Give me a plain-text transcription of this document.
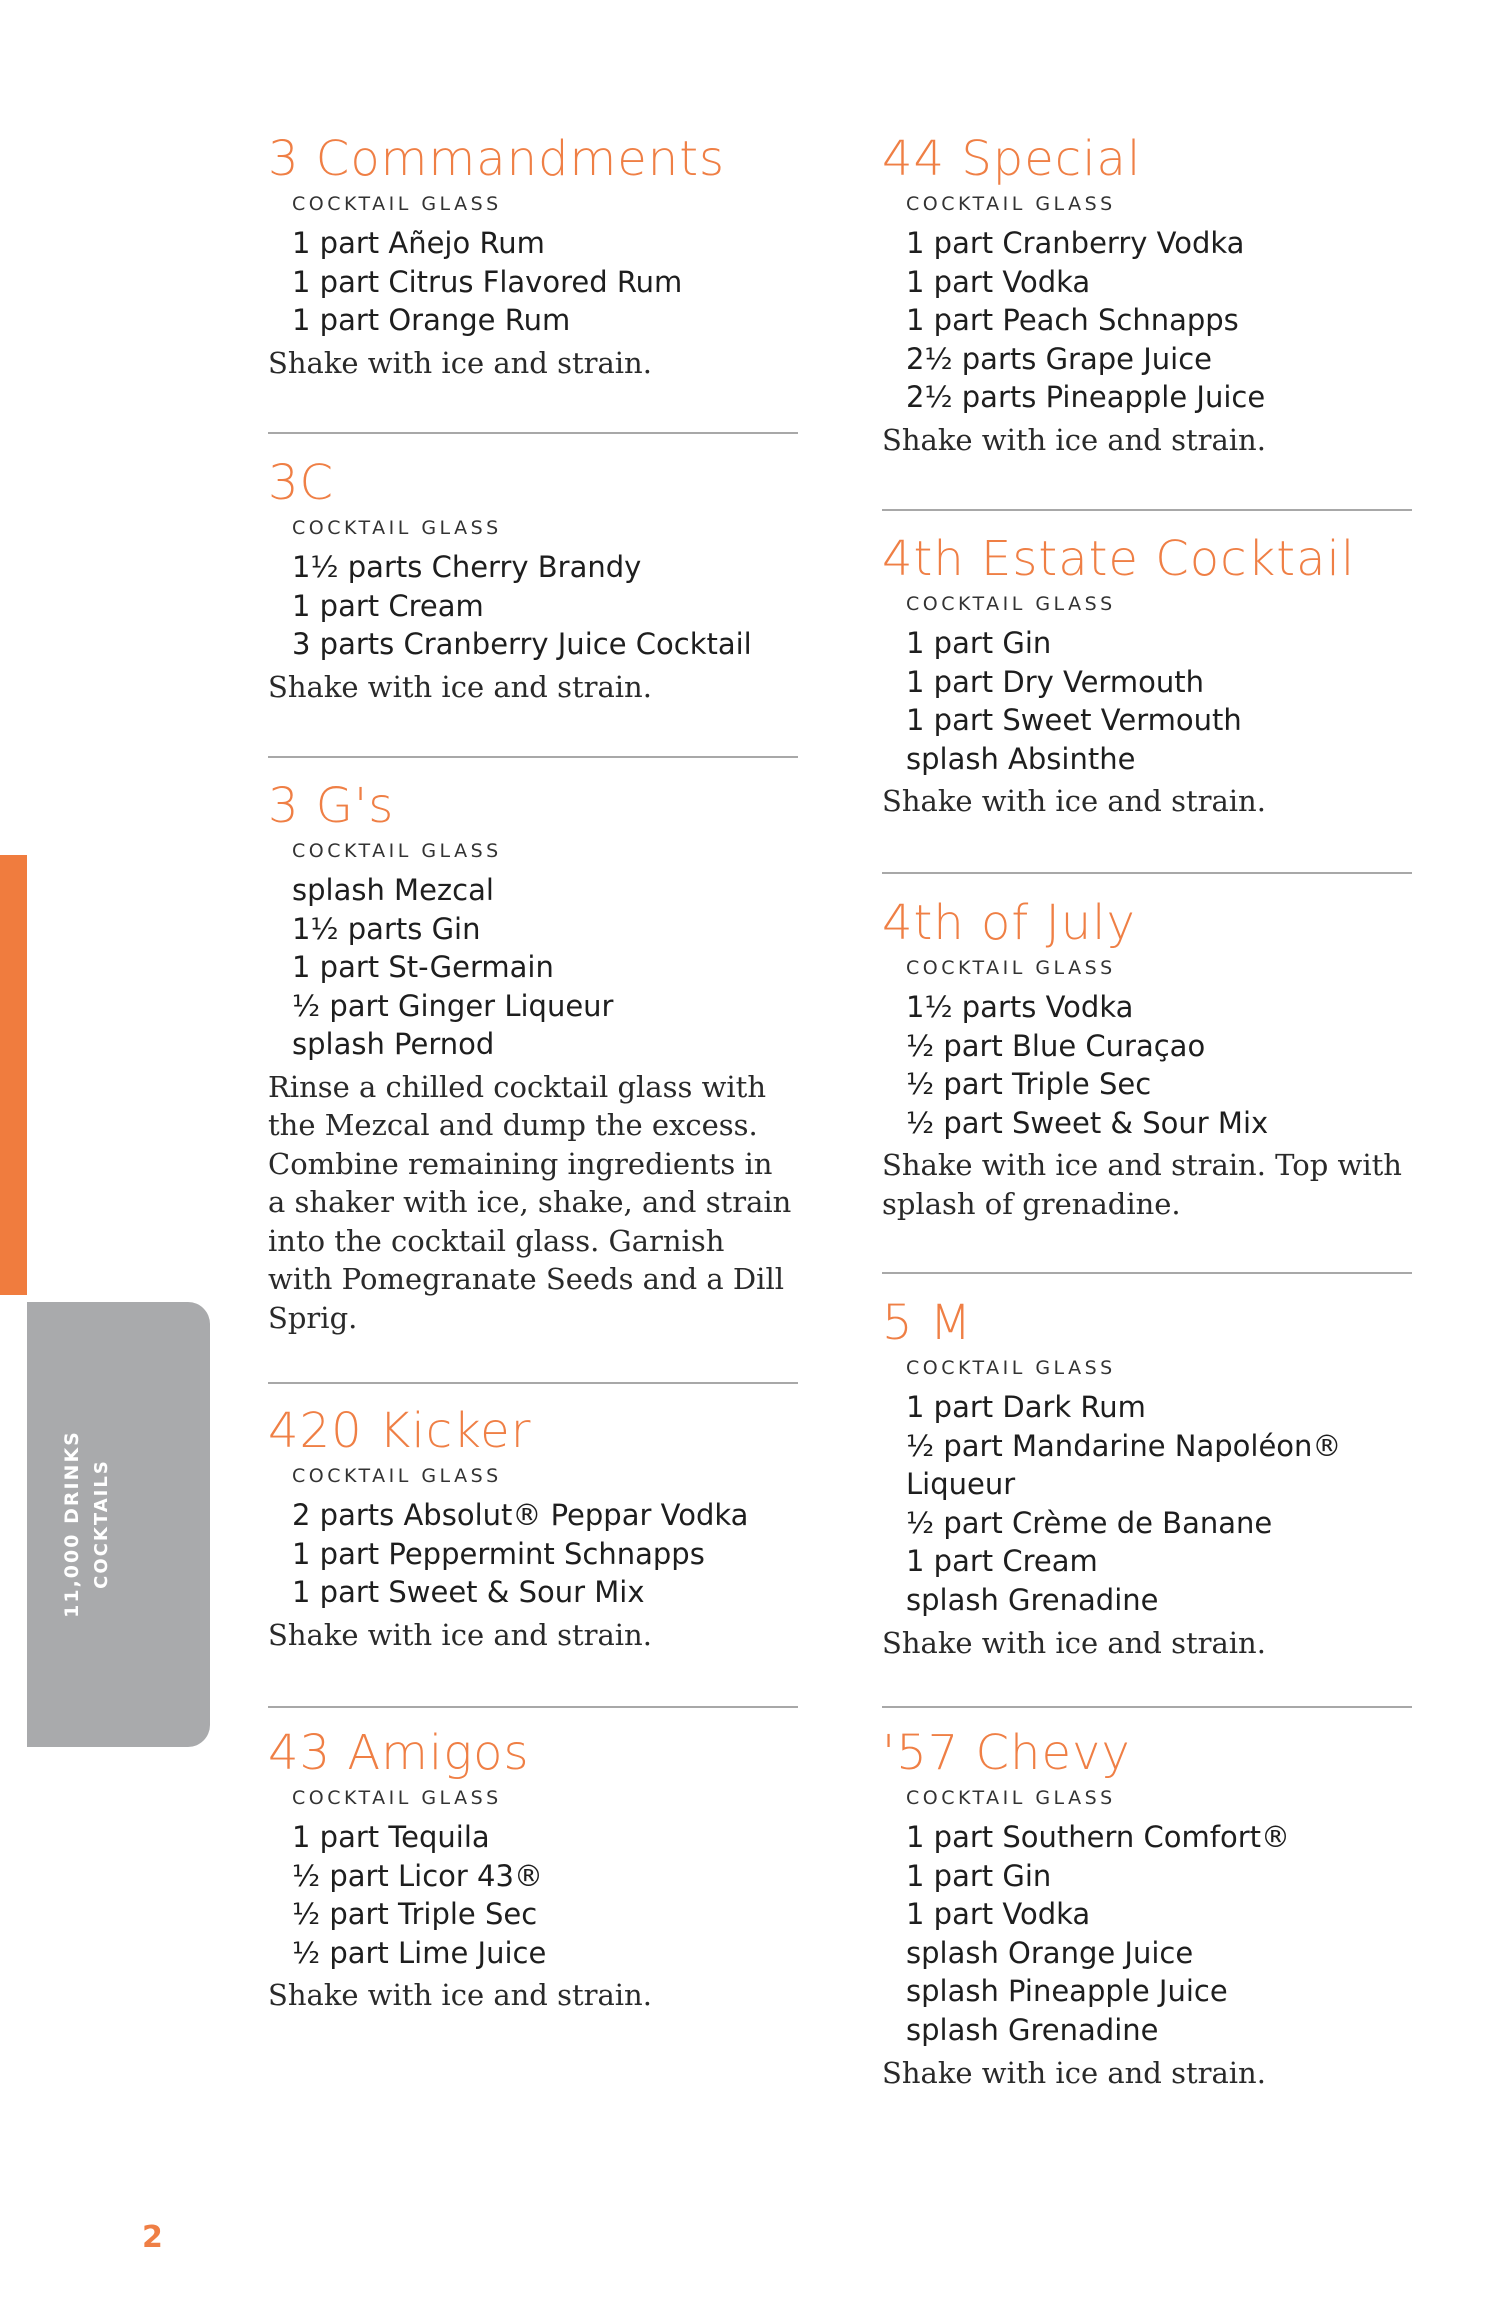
11,000 DRINKS COCKTAILS
3 Commandments
COCKTAIL GLASS
1 part Añejo Rum
1 part Citrus Flavored Rum
1 part Orange Rum
Shake with ice and strain.
3C
COCKTAIL GLASS
1½ parts Cherry Brandy
1 part Cream
3 parts Cranberry Juice Cocktail
Shake with ice and strain.
3 G's
COCKTAIL GLASS
splash Mezcal
1½ parts Gin
1 part St-Germain
½ part Ginger Liqueur
splash Pernod
Rinse a chilled cocktail glass with the Mezcal and dump the excess. Combine remaining ingredients in a shaker with ice, shake, and strain into the cocktail glass. Garnish with Pomegranate Seeds and a Dill Sprig.
420 Kicker
COCKTAIL GLASS
2 parts Absolut® Peppar Vodka
1 part Peppermint Schnapps
1 part Sweet & Sour Mix
Shake with ice and strain.
43 Amigos
COCKTAIL GLASS
1 part Tequila
½ part Licor 43®
½ part Triple Sec
½ part Lime Juice
Shake with ice and strain.
44 Special
COCKTAIL GLASS
1 part Cranberry Vodka
1 part Vodka
1 part Peach Schnapps
2½ parts Grape Juice
2½ parts Pineapple Juice
Shake with ice and strain.
4th Estate Cocktail
COCKTAIL GLASS
1 part Gin
1 part Dry Vermouth
1 part Sweet Vermouth
splash Absinthe
Shake with ice and strain.
4th of July
COCKTAIL GLASS
1½ parts Vodka
½ part Blue Curaçao
½ part Triple Sec
½ part Sweet & Sour Mix
Shake with ice and strain. Top with splash of grenadine.
5 M
COCKTAIL GLASS
1 part Dark Rum
½ part Mandarine Napoléon®
Liqueur
½ part Crème de Banane
1 part Cream
splash Grenadine
Shake with ice and strain.
'57 Chevy
COCKTAIL GLASS
1 part Southern Comfort®
1 part Gin
1 part Vodka
splash Orange Juice
splash Pineapple Juice
splash Grenadine
Shake with ice and strain.
2
